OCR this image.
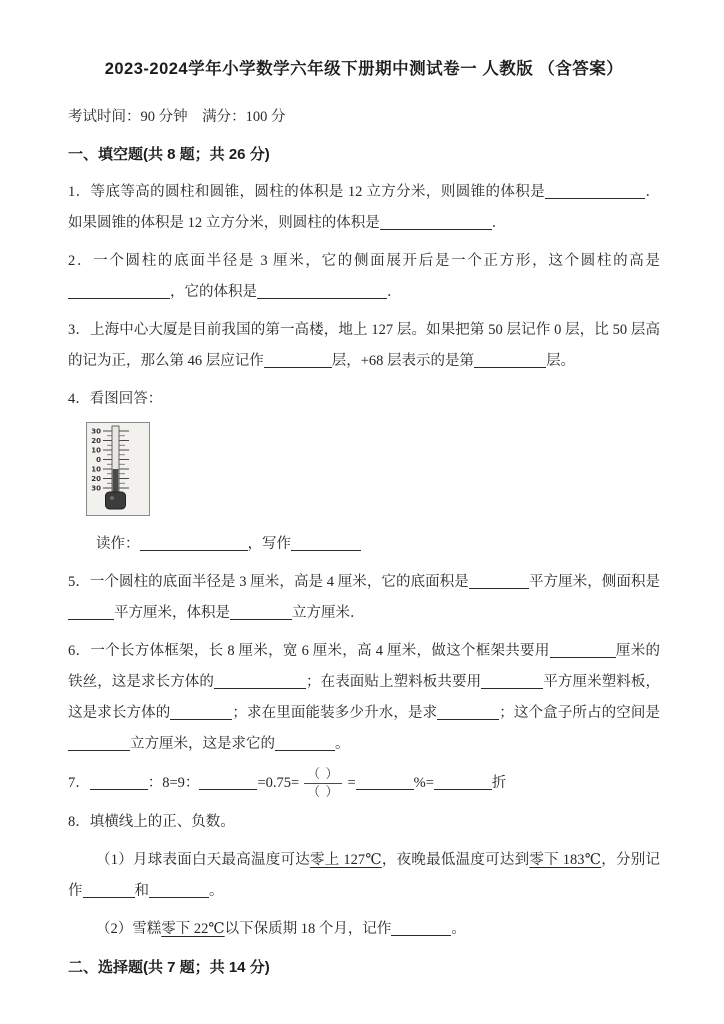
2023-2024学年小学数学六年级下册期中测试卷一 人教版 （含答案）

考试时间：90 分钟　满分：100 分

一、填空题(共 8 题；共 26 分)

1．等底等高的圆柱和圆锥，圆柱的体积是 12 立方分米，则圆锥的体积是	．如果圆锥的体积是 12 立方分米，则圆柱的体积是	．

2．一个圆柱的底面半径是 3 厘米，它的侧面展开后是一个正方形，这个圆柱的高是，它的体积是	．

3．上海中心大厦是目前我国的第一高楼，地上 127 层。如果把第 50 层记作 0 层，比 50 层高的记为正，那么第 46 层应记作	层，+68 层表示的是第	层。

4．看图回答：

30
20
10
0
10
20
30

读作：	，写作

5．一个圆柱的底面半径是 3 厘米，高是 4 厘米，它的底面积是	平方厘米，侧面积是平方厘米，体积是	立方厘米．

6．一个长方体框架，长 8 厘米，宽 6 厘米，高 4 厘米，做这个框架共要用	厘米的铁丝，这是求长方体的	；在表面贴上塑料板共要用	平方厘米塑料板，这是求长方体的	；求在里面能装多少升水，是求	；这个盒子所占的空间是立方厘米，这是求它的	。

7．	：8=9：	$=0.75= \frac{( )}{( )}$ =	%=	折

8．填横线上的正、负数。

（1）月球表面白天最高温度可达零上 127℃，夜晚最低温度可达到零下 183℃，分别记作	和	。

（2）雪糕零下 22℃以下保质期 18 个月，记作	。

二、选择题(共 7 题；共 14 分)
